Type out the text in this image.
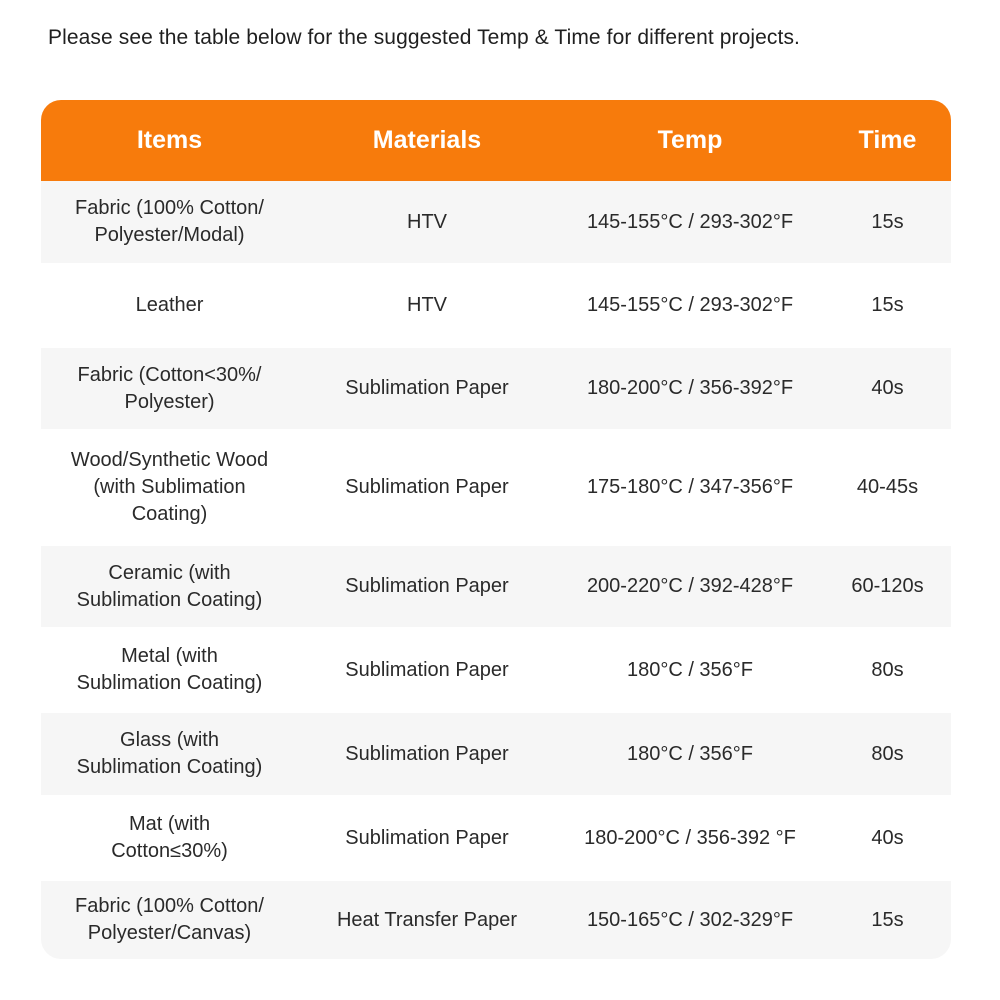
Please see the table below for the suggested Temp & Time for different projects.
Items	Materials	Temp	Time
Fabric (100% Cotton/
Polyester/Modal)
HTV	145-155°C / 293-302°F	15s
Leather	HTV	145-155°C / 293-302°F	15s
Fabric (Cotton<30%/
Polyester)
Sublimation Paper	180-200°C / 356-392°F	40s
Wood/Synthetic Wood
(with Sublimation
Coating)
Sublimation Paper	175-180°C / 347-356°F	40-45s
Ceramic (with
Sublimation Coating)
Sublimation Paper	200-220°C / 392-428°F	60-120s
Metal (with
Sublimation Coating)
Sublimation Paper	180°C / 356°F	80s
Glass (with
Sublimation Coating)
Sublimation Paper	180°C / 356°F	80s
Mat (with
Cotton≤30%)
Sublimation Paper	180-200°C / 356-392 °F	40s
Fabric (100% Cotton/
Polyester/Canvas)
Heat Transfer Paper	150-165°C / 302-329°F	15s
